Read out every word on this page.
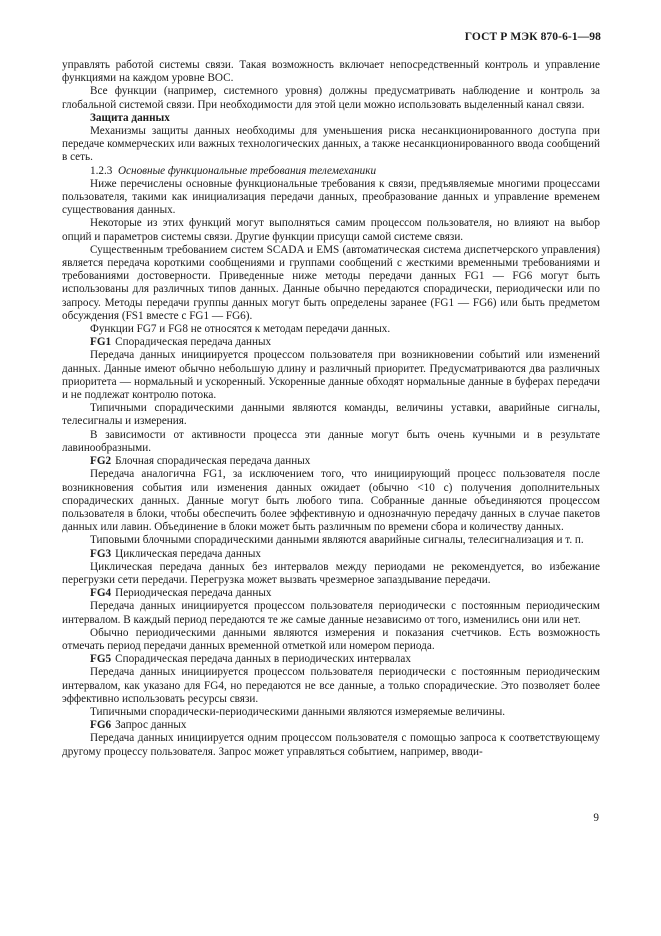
ГОСТ Р МЭК 870-6-1—98

управлять работой системы связи. Такая возможность включает непосредственный контроль и управление функциями на каждом уровне ВОС.

Все функции (например, системного уровня) должны предусматривать наблюдение и контроль за глобальной системой связи. При необходимости для этой цели можно использовать выделенный канал связи.

Защита данных

Механизмы защиты данных необходимы для уменьшения риска несанкционированного доступа при передаче коммерческих или важных технологических данных, а также несанкционированного ввода сообщений в сеть.

1.2.3 Основные функциональные требования телемеханики

Ниже перечислены основные функциональные требования к связи, предъявляемые многими процессами пользователя, такими как инициализация передачи данных, преобразование данных и управление временем существования данных.

Некоторые из этих функций могут выполняться самим процессом пользователя, но влияют на выбор опций и параметров системы связи. Другие функции присущи самой системе связи.

Существенным требованием систем SCADA и EMS (автоматическая система диспетчерского управления) является передача короткими сообщениями и группами сообщений с жесткими временными требованиями и требованиями достоверности. Приведенные ниже методы передачи данных FG1 — FG6 могут быть использованы для различных типов данных. Данные обычно передаются спорадически, периодически или по запросу. Методы передачи группы данных могут быть определены заранее (FG1 — FG6) или быть предметом обсуждения (FS1 вместе с FG1 — FG6).

Функции FG7 и FG8 не относятся к методам передачи данных.

FG1 Спорадическая передача данных

Передача данных инициируется процессом пользователя при возникновении событий или изменений данных. Данные имеют обычно небольшую длину и различный приоритет. Предусматриваются два различных приоритета — нормальный и ускоренный. Ускоренные данные обходят нормальные данные в буферах передачи и не подлежат контролю потока.

Типичными спорадическими данными являются команды, величины уставки, аварийные сигналы, телесигналы и измерения.

В зависимости от активности процесса эти данные могут быть очень кучными и в результате лавинообразными.

FG2 Блочная спорадическая передача данных

Передача аналогична FG1, за исключением того, что инициирующий процесс пользователя после возникновения события или изменения данных ожидает (обычно <10 с) получения дополнительных спорадических данных. Данные могут быть любого типа. Собранные данные объединяются процессом пользователя в блоки, чтобы обеспечить более эффективную и однозначную передачу данных в случае пакетов данных или лавин. Объединение в блоки может быть различным по времени сбора и количеству данных.

Типовыми блочными спорадическими данными являются аварийные сигналы, телесигнализация и т. п.

FG3 Циклическая передача данных

Циклическая передача данных без интервалов между периодами не рекомендуется, во избежание перегрузки сети передачи. Перегрузка может вызвать чрезмерное запаздывание передачи.

FG4 Периодическая передача данных

Передача данных инициируется процессом пользователя периодически с постоянным периодическим интервалом. В каждый период передаются те же самые данные независимо от того, изменились они или нет.

Обычно периодическими данными являются измерения и показания счетчиков. Есть возможность отмечать период передачи данных временной отметкой или номером периода.

FG5 Спорадическая передача данных в периодических интервалах

Передача данных инициируется процессом пользователя периодически с постоянным периодическим интервалом, как указано для FG4, но передаются не все данные, а только спорадические. Это позволяет более эффективно использовать ресурсы связи.

Типичными спорадически-периодическими данными являются измеряемые величины.

FG6 Запрос данных

Передача данных инициируется одним процессом пользователя с помощью запроса к соответствующему другому процессу пользователя. Запрос может управляться событием, например, вводи-

9
